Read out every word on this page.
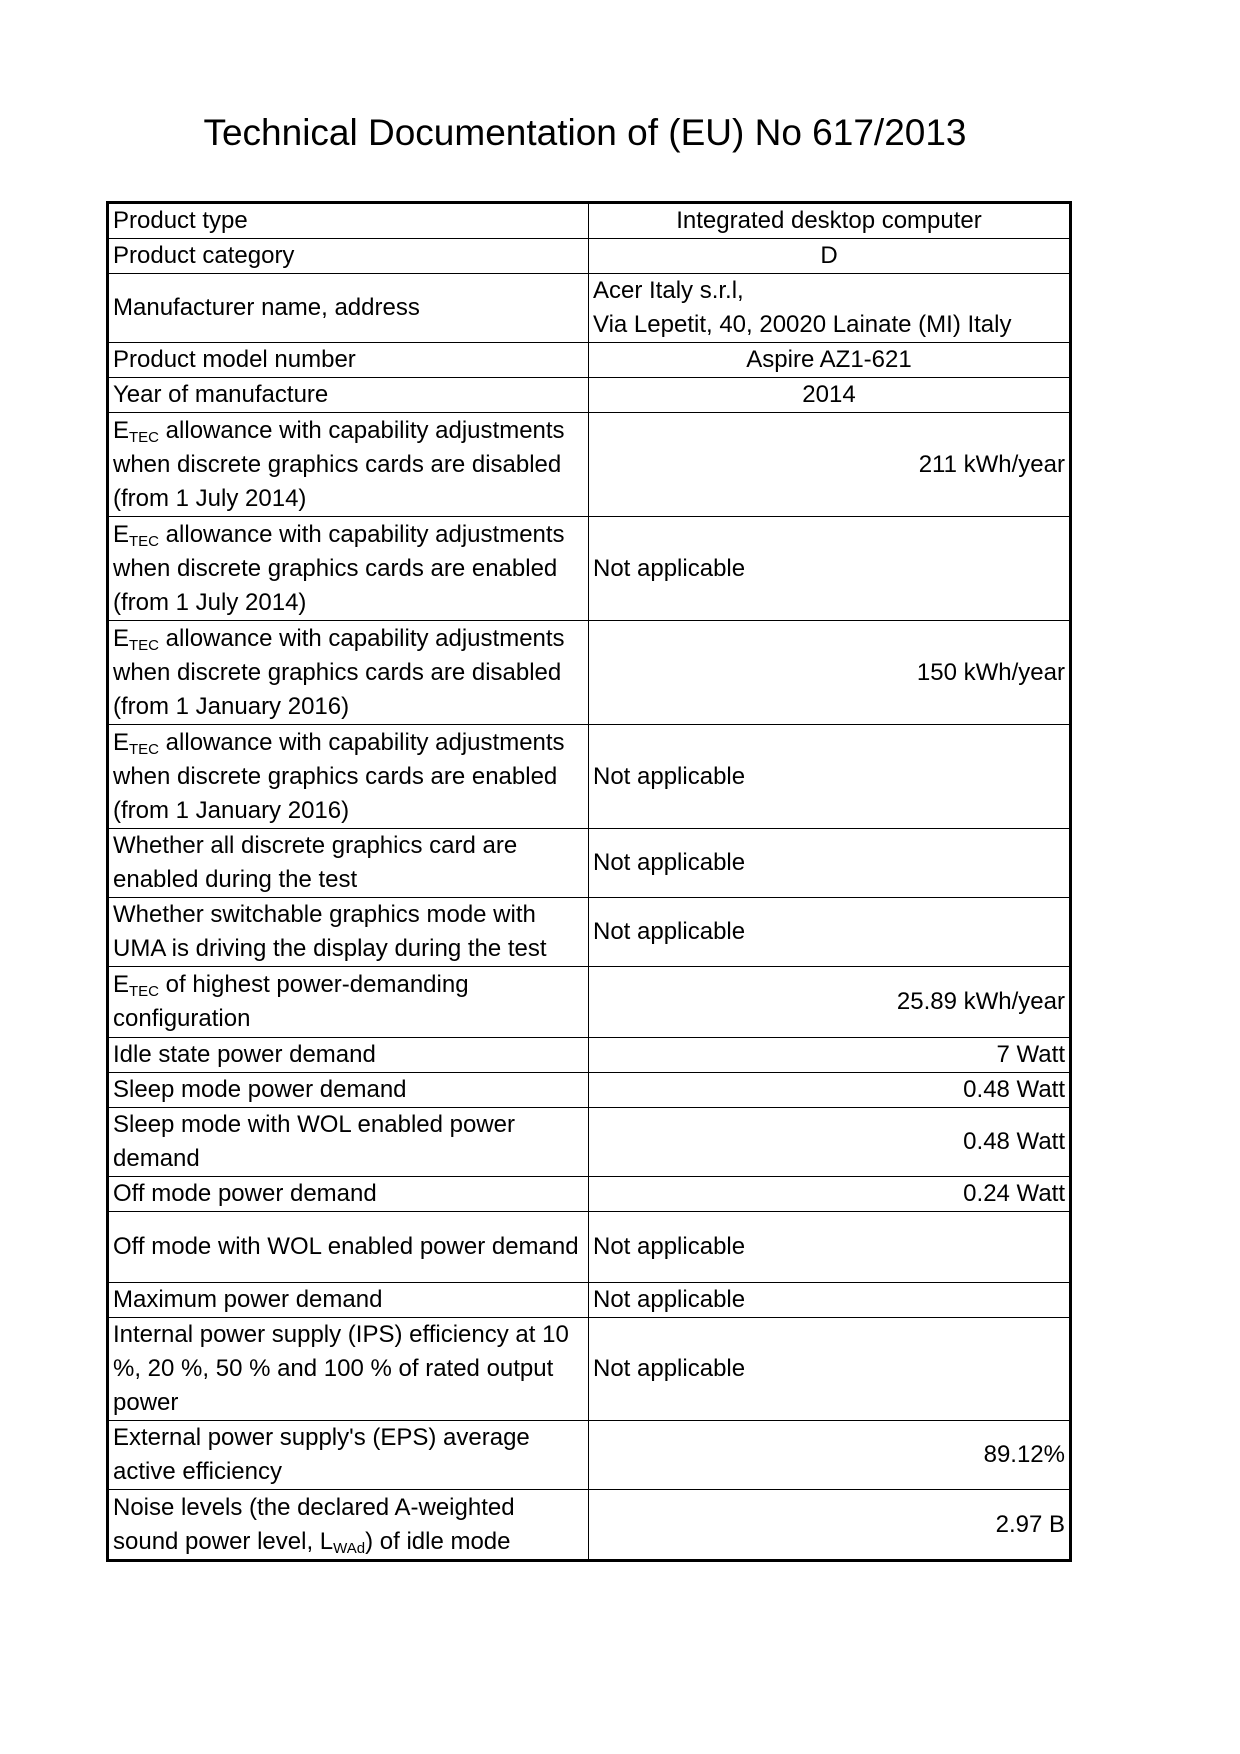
Technical Documentation of (EU) No 617/2013
Product type	Integrated desktop computer
Product category	D
Manufacturer name, address	Acer Italy s.r.l,
Via Lepetit, 40, 20020 Lainate (MI) Italy

Product model number	Aspire AZ1-621
Year of manufacture	2014
$E_{TEC}$ allowance with capability adjustments when discrete graphics cards are disabled (from 1 July 2014)	211 kWh/year
$E_{TEC}$ allowance with capability adjustments when discrete graphics cards are enabled (from 1 July 2014)	Not applicable
$E_{TEC}$ allowance with capability adjustments when discrete graphics cards are disabled (from 1 January 2016)	150 kWh/year
$E_{TEC}$ allowance with capability adjustments when discrete graphics cards are enabled (from 1 January 2016)	Not applicable
Whether all discrete graphics card are enabled during the test	Not applicable
Whether switchable graphics mode with UMA is driving the display during the test	Not applicable
$E_{TEC}$ of highest power-demanding configuration	25.89 kWh/year
Idle state power demand	7 Watt
Sleep mode power demand	0.48 Watt
Sleep mode with WOL enabled power demand	0.48 Watt
Off mode power demand	0.24 Watt
Off mode with WOL enabled power demand	Not applicable
Maximum power demand	Not applicable
Internal power supply (IPS) efficiency at 10 %, 20 %, 50 % and 100 % of rated output power	Not applicable
External power supply's (EPS) average active efficiency	89.12%
Noise levels (the declared A-weighted sound power level, $L_{WAd}$) of idle mode	2.97 B
